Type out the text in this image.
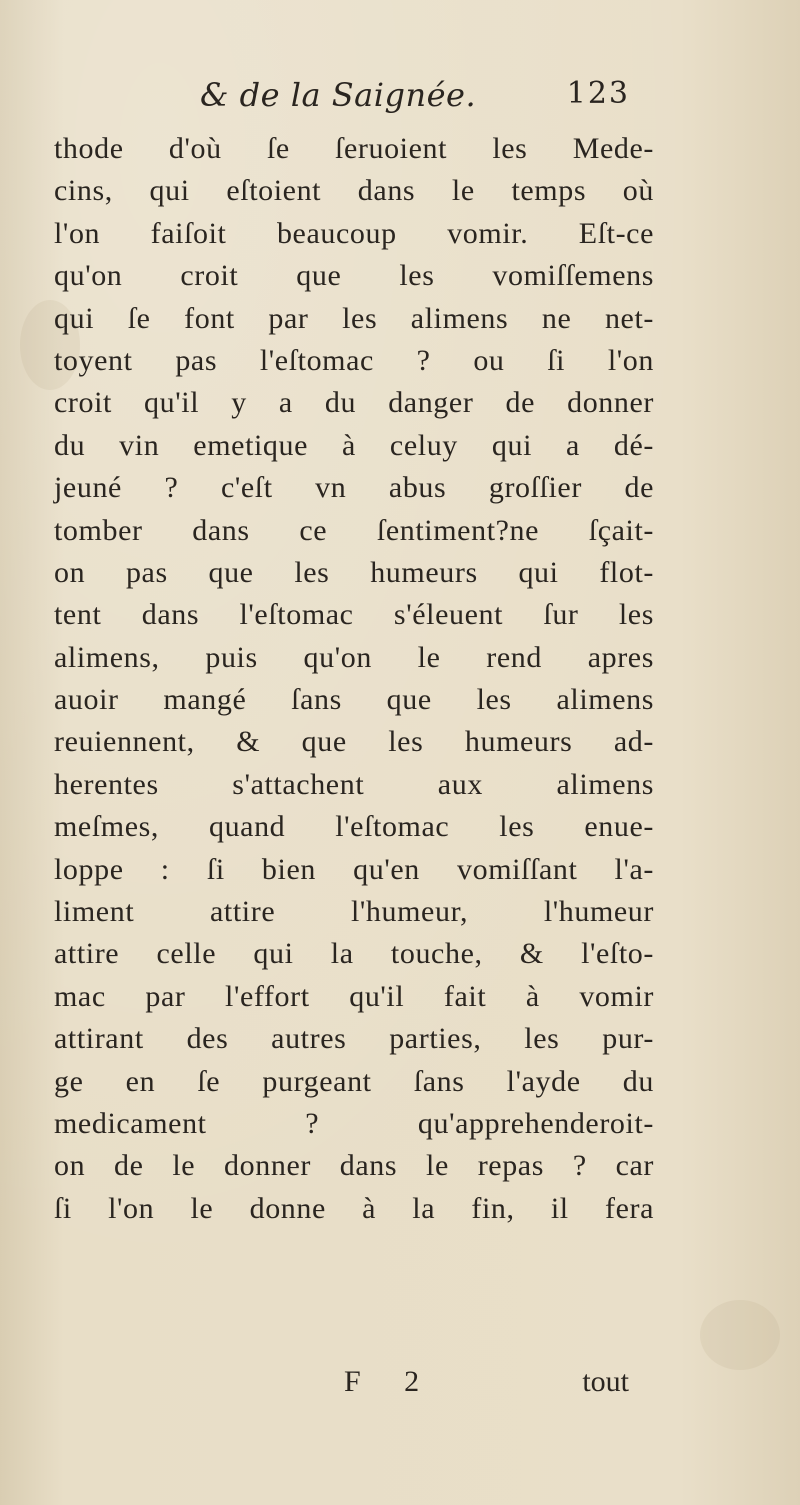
& de la Saignée.	123
thode d'où ſe ſeruoient les Mede-
cins, qui eſtoient dans le temps où
l'on faiſoit beaucoup vomir. Eſt-ce
qu'on croit que les vomiſſemens
qui ſe font par les alimens ne net-
toyent pas l'eſtomac ? ou ſi l'on
croit qu'il y a du danger de donner
du vin emetique à celuy qui a dé-
jeuné ? c'eſt vn abus groſſier de
tomber dans ce ſentiment?ne ſçait-
on pas que les humeurs qui flot-
tent dans l'eſtomac s'éleuent ſur les
alimens, puis qu'on le rend apres
auoir mangé ſans que les alimens
reuiennent, & que les humeurs ad-
herentes s'attachent aux alimens
meſmes, quand l'eſtomac les enue-
loppe : ſi bien qu'en vomiſſant l'a-
liment attire l'humeur, l'humeur
attire celle qui la touche, & l'eſto-
mac par l'effort qu'il fait à vomir
attirant des autres parties, les pur-
ge en ſe purgeant ſans l'ayde du
medicament ? qu'apprehenderoit-
on de le donner dans le repas ? car
ſi l'on le donne à la fin, il fera
F 2	tout
